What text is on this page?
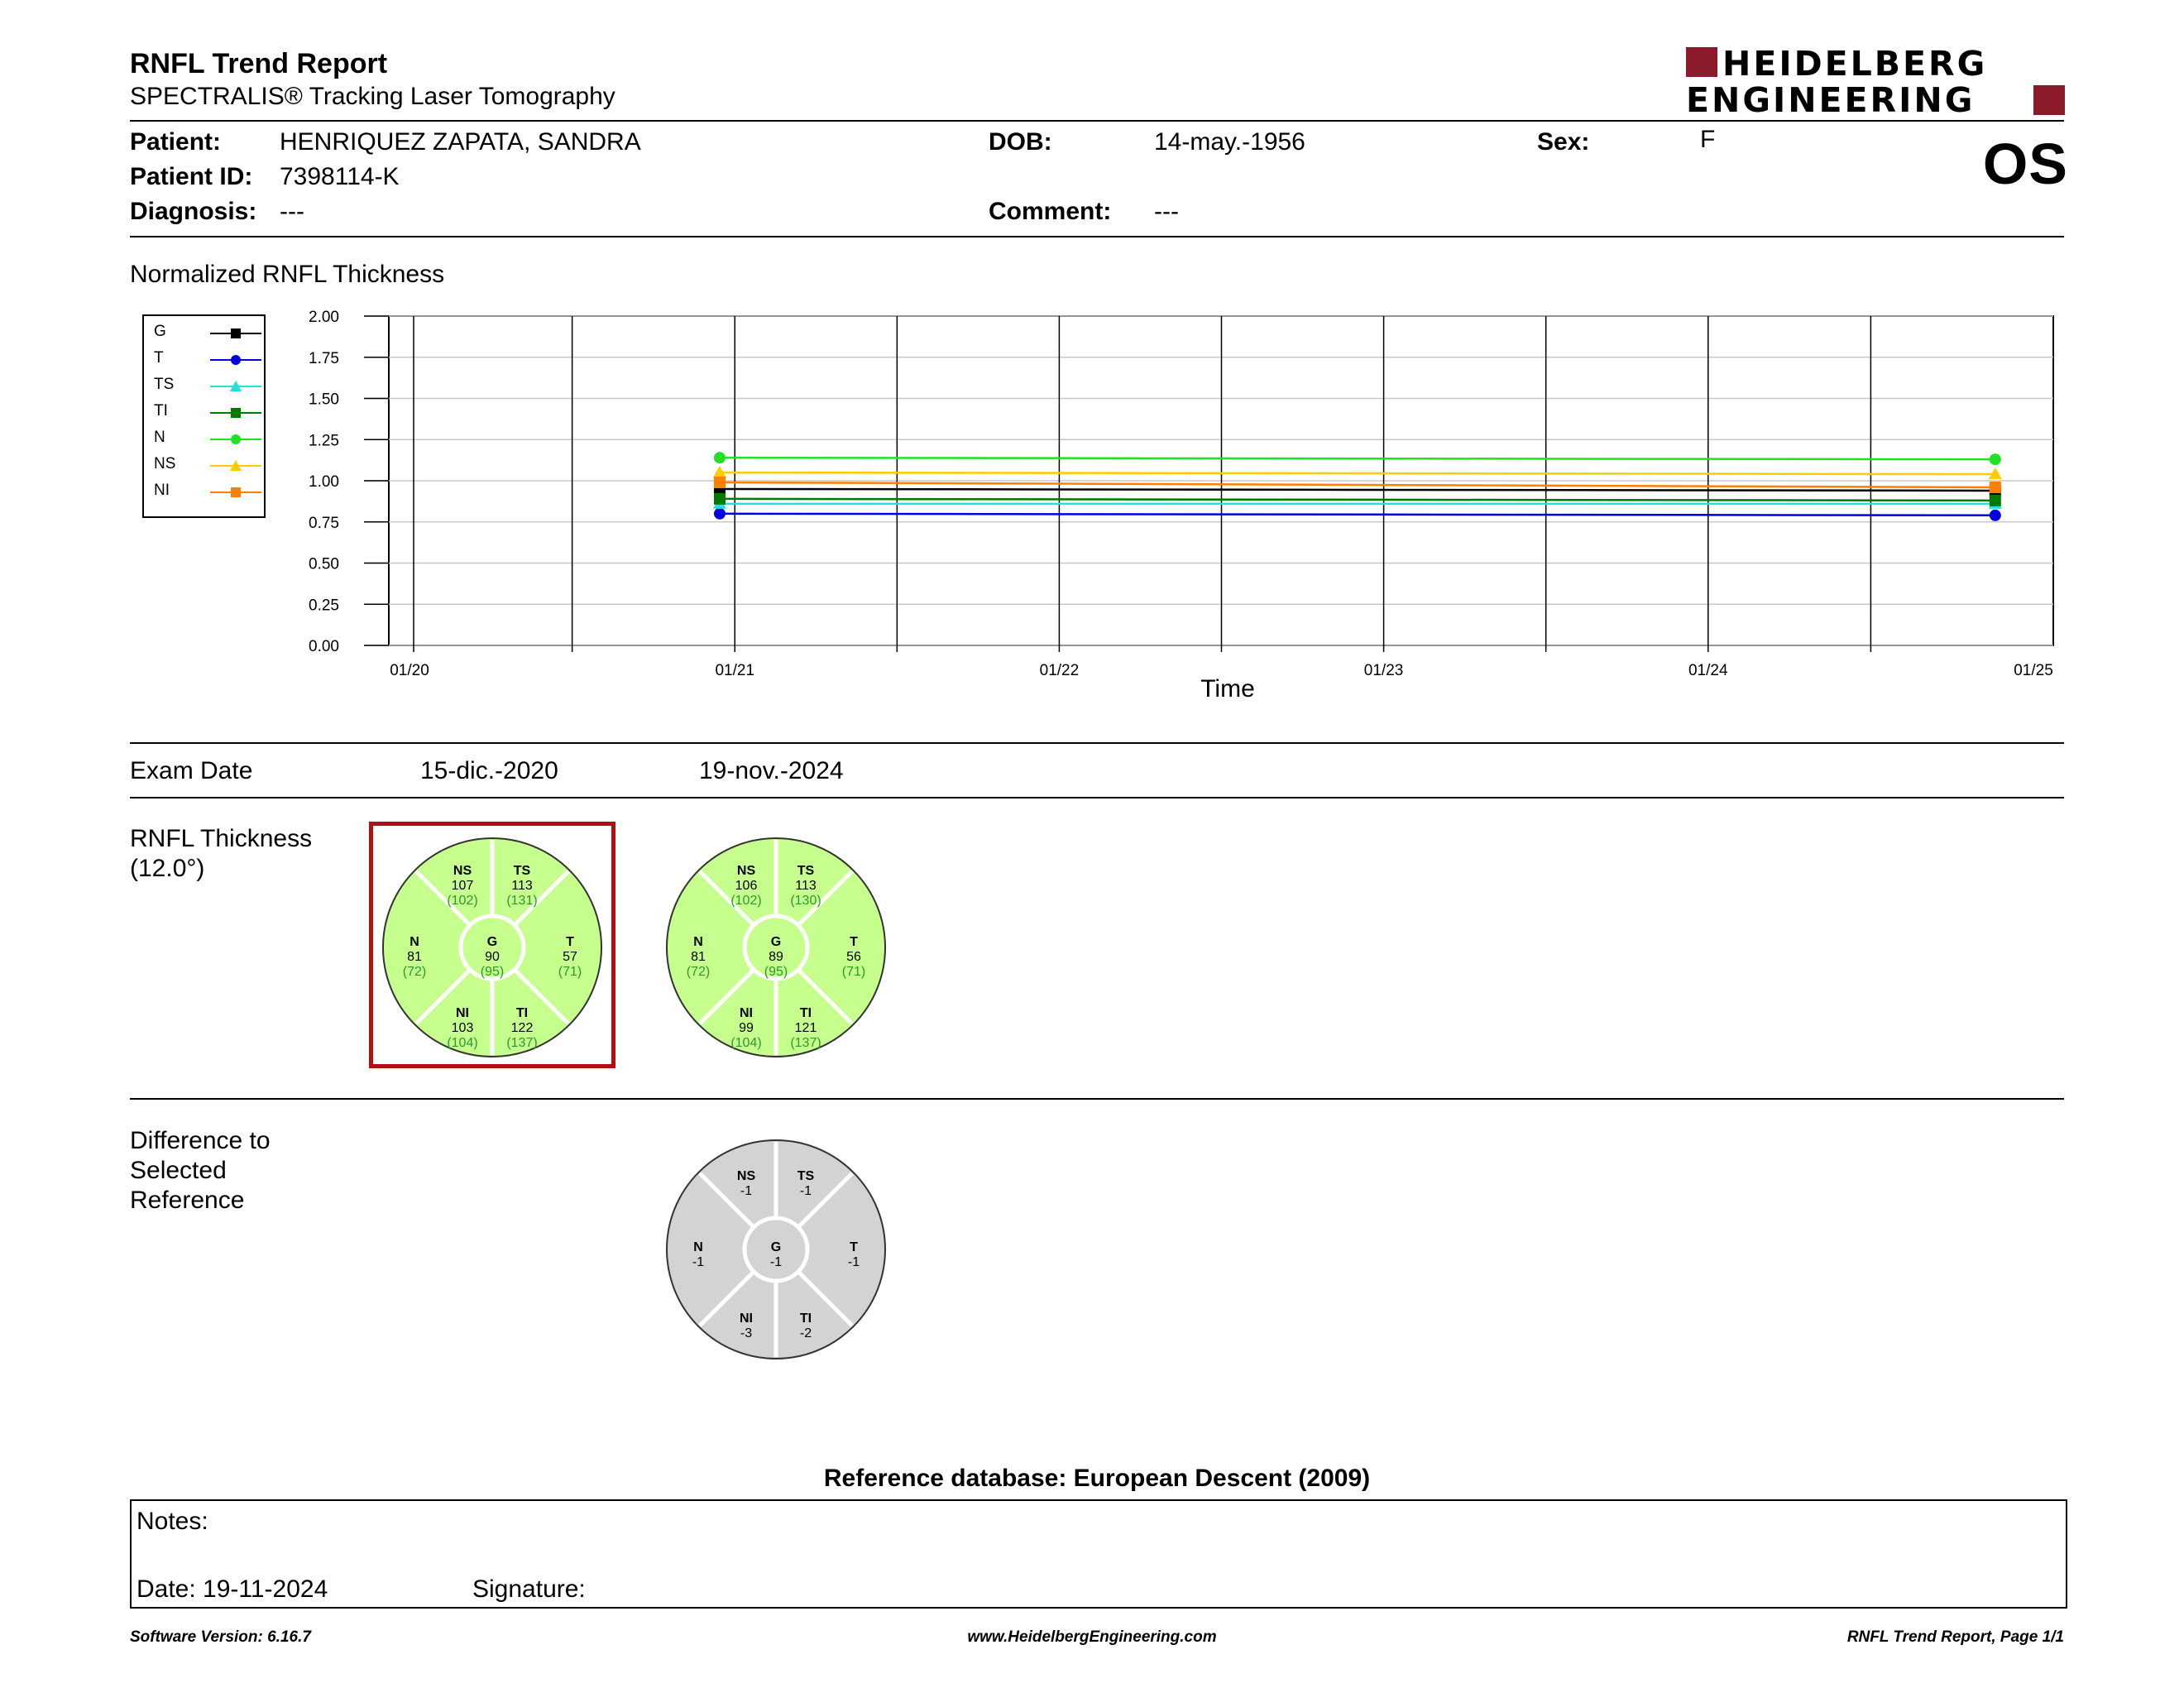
RNFL Trend Report
SPECTRALIS® Tracking Laser Tomography
HEIDELBERG
ENGINEERING
Patient: HENRIQUEZ ZAPATA, SANDRA
Patient ID: 7398114-K
Diagnosis: ---
DOB:	14-may.-1956
Comment: ---
Sex:	F	OS
Normalized RNFL Thickness
G
T
TS
TI
N
NS
NI
0.00
0.25
0.50
0.75
1.00
1.25
1.50
1.75
2.00
01/20	01/21	01/22	01/23	01/24	01/25
Time
Exam Date	15-dic.-2020	19-nov.-2024
RNFL Thickness
(12.0°)	NS
107
(102)
TS
113
(131)
N
81
(72)
G
90
(95)
T
57
(71)
NI
103
(104)
TI
122
(137)
NS
106
(102)
TS
113
(130)
N
81
(72)
G
89
(95)
T
56
(71)
NI
99
(104)
TI
121
(137)
Difference to
Selected
Reference
NS
-1
TS
-1
N
-1
G
-1
T
-1
NI
-3
TI
-2
Reference database: European Descent (2009)
Notes:
Date: 19-11-2024	Signature:
Software Version: 6.16.7	www.HeidelbergEngineering.com	RNFL Trend Report, Page 1/1
